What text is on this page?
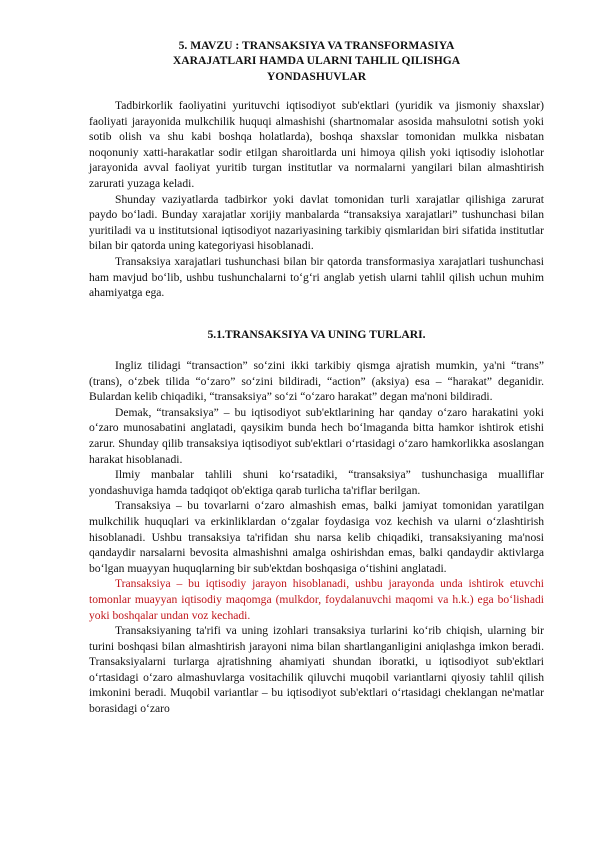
5. MAVZU : TRANSAKSIYA VA TRANSFORMASIYA
XARAJATLARI HAMDA ULARNI TAHLIL QILISHGA
YONDASHUVLAR

Tadbirkorlik faoliyatini yurituvchi iqtisodiyot sub'ektlari (yuridik va jismoniy shaxslar) faoliyati jarayonida mulkchilik huquqi almashishi (shartnomalar asosida mahsulotni sotish yoki sotib olish va shu kabi boshqa holatlarda), boshqa shaxslar tomonidan mulkka nisbatan noqonuniy xatti-harakatlar sodir etilgan sharoitlarda uni himoya qilish yoki iqtisodiy islohotlar jarayonida avval faoliyat yuritib turgan institutlar va normalarni yangilari bilan almashtirish zarurati yuzaga keladi.

Shunday vaziyatlarda tadbirkor yoki davlat tomonidan turli xarajatlar qilishiga zarurat paydo bo‘ladi. Bunday xarajatlar xorijiy manbalarda “transaksiya xarajatlari” tushunchasi bilan yuritiladi va u institutsional iqtisodiyot nazariyasining tarkibiy qismlaridan biri sifatida institutlar bilan bir qatorda uning kategoriyasi hisoblanadi.

Transaksiya xarajatlari tushunchasi bilan bir qatorda transformasiya xarajatlari tushunchasi ham mavjud bo‘lib, ushbu tushunchalarni to‘g‘ri anglab yetish ularni tahlil qilish uchun muhim ahamiyatga ega.

5.1.TRANSAKSIYA VA UNING TURLARI.

Ingliz tilidagi “transaction” so‘zini ikki tarkibiy qismga ajratish mumkin, ya'ni “trans” (trans), o‘zbek tilida “o‘zaro” so‘zini bildiradi, “action” (aksiya) esa – “harakat” deganidir. Bulardan kelib chiqadiki, “transaksiya” so‘zi “o‘zaro harakat” degan ma'noni bildiradi.

Demak, “transaksiya” – bu iqtisodiyot sub'ektlarining har qanday o‘zaro harakatini yoki o‘zaro munosabatini anglatadi, qaysikim bunda hech bo‘lmaganda bitta hamkor ishtirok etishi zarur. Shunday qilib transaksiya iqtisodiyot sub'ektlari o‘rtasidagi o‘zaro hamkorlikka asoslangan harakat hisoblanadi.

Ilmiy manbalar tahlili shuni ko‘rsatadiki, “transaksiya” tushunchasiga mualliflar yondashuviga hamda tadqiqot ob'ektiga qarab turlicha ta'riflar berilgan.

Transaksiya – bu tovarlarni o‘zaro almashish emas, balki jamiyat tomonidan yaratilgan mulkchilik huquqlari va erkinliklardan o‘zgalar foydasiga voz kechish va ularni o‘zlashtirish hisoblanadi. Ushbu transaksiya ta'rifidan shu narsa kelib chiqadiki, transaksiyaning ma'nosi qandaydir narsalarni bevosita almashishni amalga oshirishdan emas, balki qandaydir aktivlarga bo‘lgan muayyan huquqlarning bir sub'ektdan boshqasiga o‘tishini anglatadi.

Transaksiya – bu iqtisodiy jarayon hisoblanadi, ushbu jarayonda unda ishtirok etuvchi tomonlar muayyan iqtisodiy maqomga (mulkdor, foydalanuvchi maqomi va h.k.) ega bo‘lishadi yoki boshqalar undan voz kechadi.

Transaksiyaning ta'rifi va uning izohlari transaksiya turlarini ko‘rib chiqish, ularning bir turini boshqasi bilan almashtirish jarayoni nima bilan shartlanganligini aniqlashga imkon beradi. Transaksiyalarni turlarga ajratishning ahamiyati shundan iboratki, u iqtisodiyot sub'ektlari o‘rtasidagi o‘zaro almashuvlarga vositachilik qiluvchi muqobil variantlarni qiyosiy tahlil qilish imkonini beradi. Muqobil variantlar – bu iqtisodiyot sub'ektlari o‘rtasidagi cheklangan ne'matlar borasidagi o‘zaro
